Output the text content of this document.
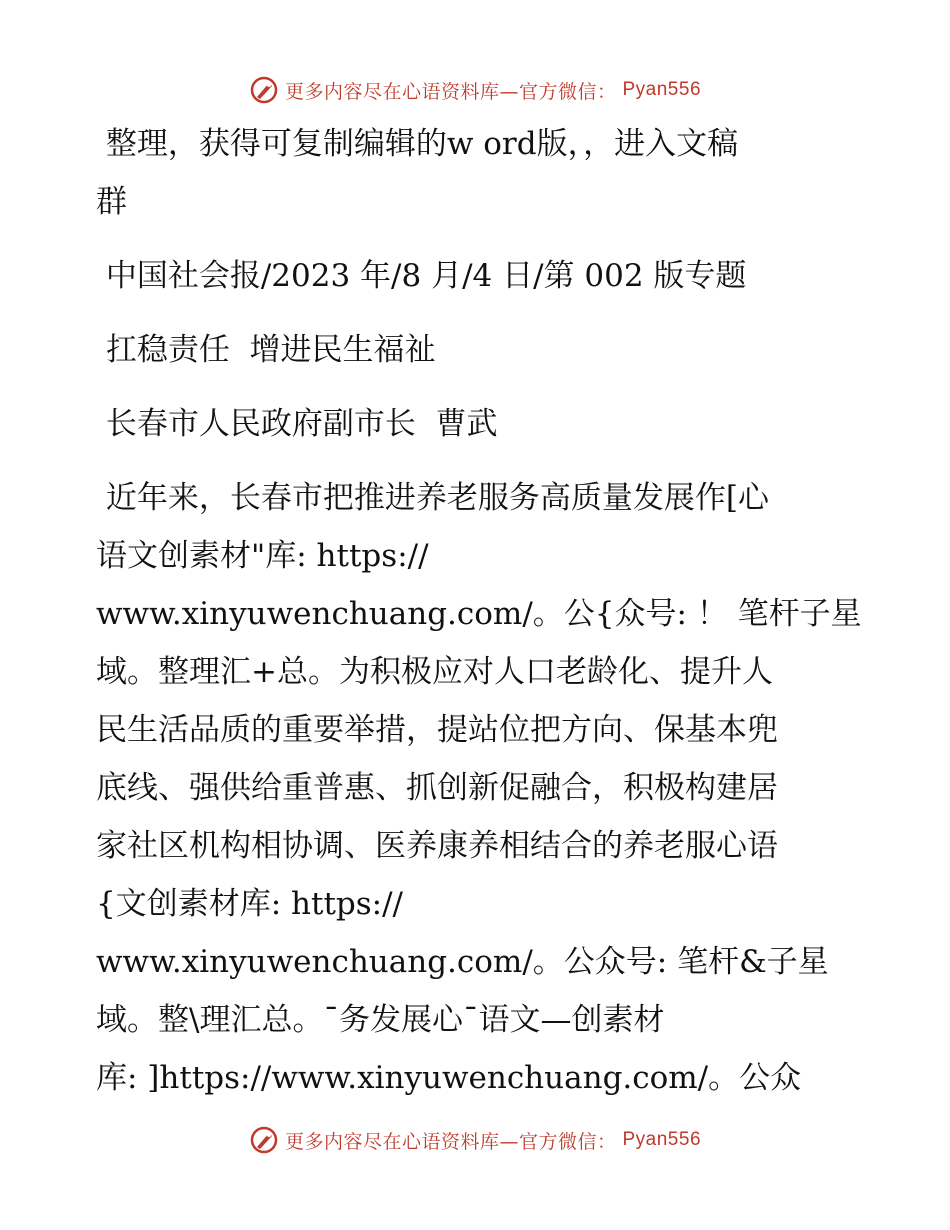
更多内容尽在心语资料库—官方微信： Pyan556

整理，获得可复制编辑的w ord版，，进入文稿

群

中国社会报/2023 年/8 月/4 日/第 002 版专题

扛稳责任  增进民生福祉

长春市人民政府副市长  曹武

近年来，长春市把推进养老服务高质量发展作[心

语文创素材"库: https://

www.xinyuwenchuang.com/。公{众号: ！ 笔杆子星

域。整理汇+总。为积极应对人口老龄化、提升人

民生活品质的重要举措，提站位把方向、保基本兜

底线、强供给重普惠、抓创新促融合，积极构建居

家社区机构相协调、医养康养相结合的养老服心语

{文创素材库: https://

www.xinyuwenchuang.com/。公众号: 笔杆&子星

域。整\理汇总。¯务发展心¯语文—创素材

库: ]https://www.xinyuwenchuang.com/。公众

更多内容尽在心语资料库—官方微信： Pyan556
